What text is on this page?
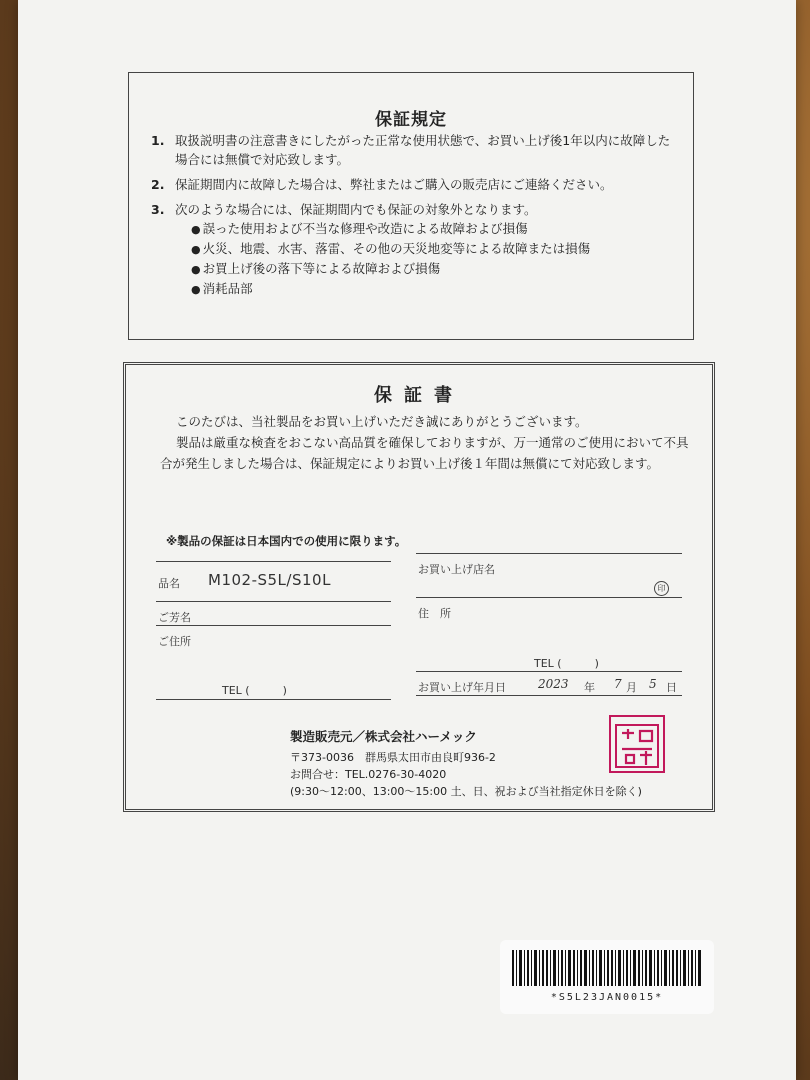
保証規定
1. 取扱説明書の注意書きにしたがった正常な使用状態で、お買い上げ後1年以内に故障した場合には無償で対応致します。
2. 保証期間内に故障した場合は、弊社またはご購入の販売店にご連絡ください。
3. 次のような場合には、保証期間内でも保証の対象外となります。
● 誤った使用および不当な修理や改造による故障および損傷
● 火災、地震、水害、落雷、その他の天災地変等による故障または損傷
● お買上げ後の落下等による故障および損傷
● 消耗品部
保証書

このたびは、当社製品をお買い上げいただき誠にありがとうございます。

製品は厳重な検査をおこない高品質を確保しておりますが、万一通常のご使用において不具合が発生しました場合は、保証規定によりお買い上げ後１年間は無償にて対応致します。

※製品の保証は日本国内での使用に限ります。
品名 M102-S5L/S10L
ご芳名
ご住所
TEL (　　　)
お買い上げ店名
印
住　所
TEL (　　　)
お買い上げ年月日	2023 年 7 月 5 日
製造販売元／株式会社ハーメック
〒373-0036　群馬県太田市由良町936-2
お問合せ：TEL.0276-30-4020
(9:30～12:00、13:00～15:00 土、日、祝および当社指定休日を除く)
*S5L23JAN0015*
